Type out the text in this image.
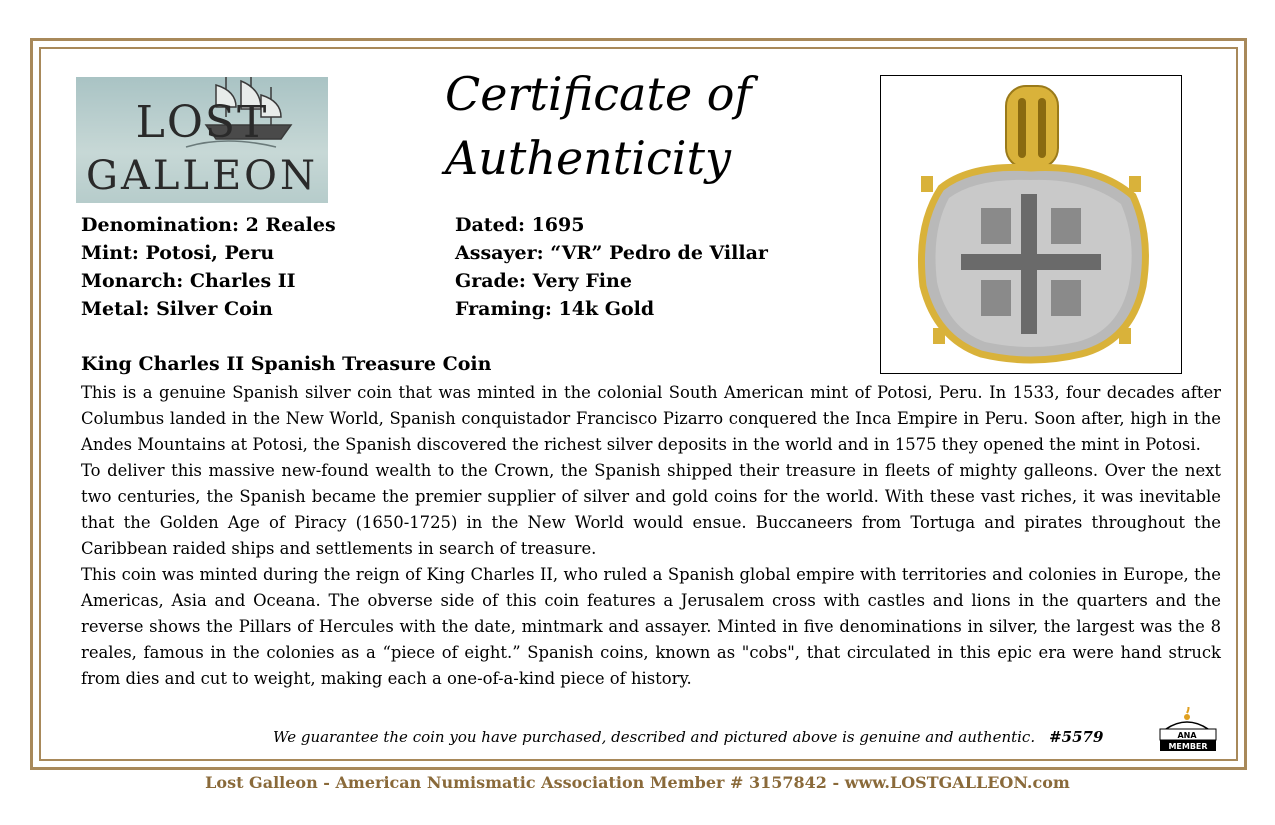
LOST
GALLEON
Certificate of
Authenticity
Denomination: 2 Reales
Mint: Potosi, Peru
Monarch: Charles II
Metal: Silver Coin
Dated: 1695
Assayer: “VR” Pedro de Villar
Grade: Very Fine
Framing: 14k Gold
King Charles II Spanish Treasure Coin

This is a genuine Spanish silver coin that was minted in the colonial South American mint of Potosi, Peru. In 1533, four decades after Columbus landed in the New World, Spanish conquistador Francisco Pizarro conquered the Inca Empire in Peru. Soon after, high in the Andes Mountains at Potosi, the Spanish discovered the richest silver deposits in the world and in 1575 they opened the mint in Potosi.

To deliver this massive new-found wealth to the Crown, the Spanish shipped their treasure in fleets of mighty galleons. Over the next two centuries, the Spanish became the premier supplier of silver and gold coins for the world. With these vast riches, it was inevitable that the Golden Age of Piracy (1650-1725) in the New World would ensue. Buccaneers from Tortuga and pirates throughout the Caribbean raided ships and settlements in search of treasure.

This coin was minted during the reign of King Charles II, who ruled a Spanish global empire with territories and colonies in Europe, the Americas, Asia and Oceana. The obverse side of this coin features a Jerusalem cross with castles and lions in the quarters and the reverse shows the Pillars of Hercules with the date, mintmark and assayer. Minted in five denominations in silver, the largest was the 8 reales, famous in the colonies as a “piece of eight.” Spanish coins, known as "cobs", that circulated in this epic era were hand struck from dies and cut to weight, making each a one-of-a-kind piece of history.

We guarantee the coin you have purchased, described and pictured above is genuine and authentic. #5579	ANA
MEMBER
Lost Galleon - American Numismatic Association Member # 3157842 - www.LOSTGALLEON.com
